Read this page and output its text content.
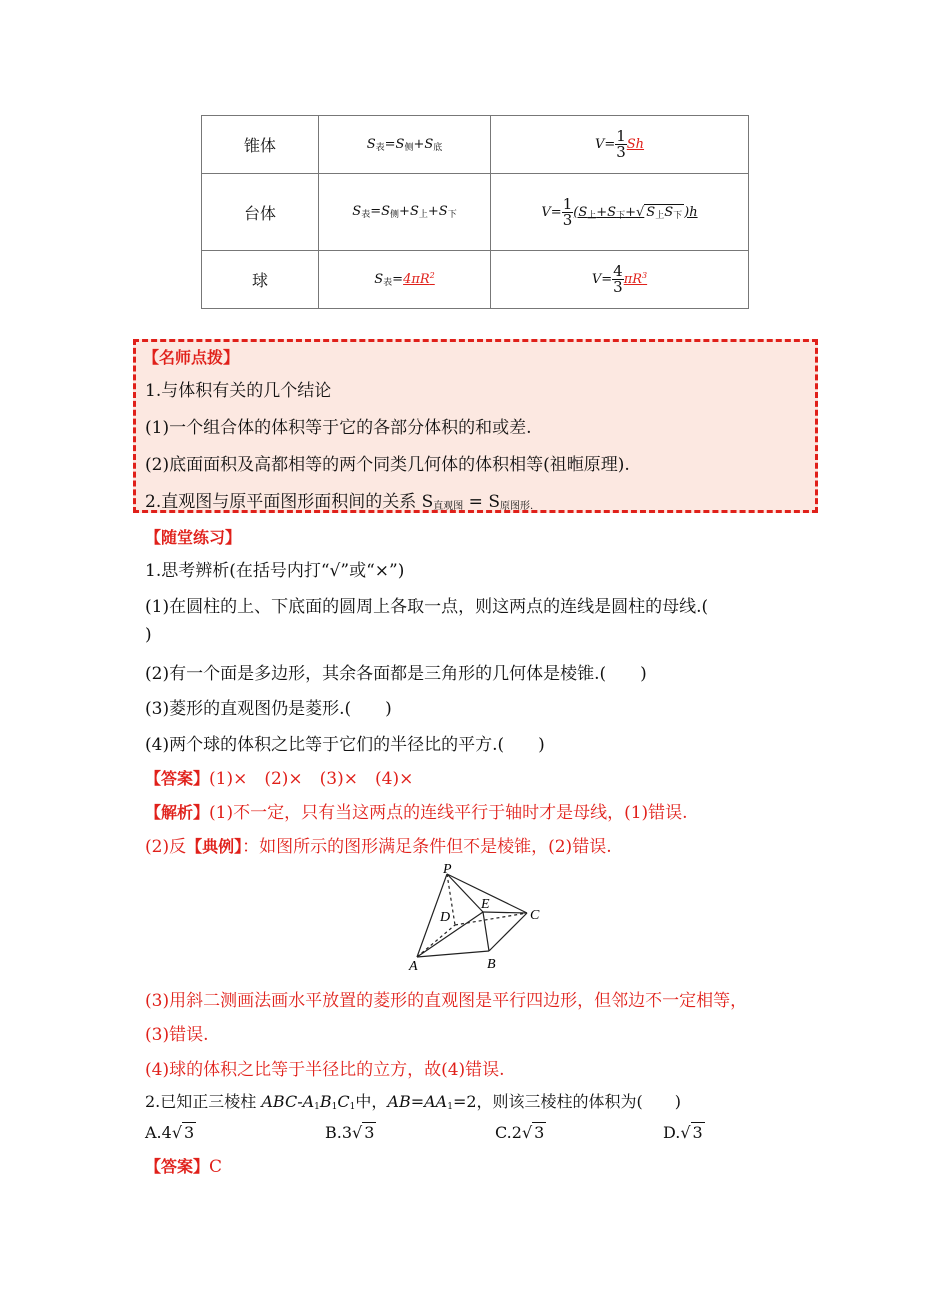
锥体	$S_表=S_侧+S_底$	$V= \frac{1}{3}$ Sh
台体	$S_表=S_侧+S_上+S_下$	$V= \frac{1}{3} (S_上+S_下+√$ $S_上S_下$ )h
球	$S_表=4\pi R^2$	$V= \frac{4}{3} \pi R^3$
【名师点拨】
1.与体积有关的几个结论
(1)一个组合体的体积等于它的各部分体积的和或差.
(2)底面面积及高都相等的两个同类几何体的体积相等(祖暅原理).
2.直观图与原平面图形面积间的关系 $S_{直观图} = S_{原图形.}$
【随堂练习】
1.思考辨析(在括号内打“√”或“×”)
(1)在圆柱的上、下底面的圆周上各取一点，则这两点的连线是圆柱的母线.(
)
(2)有一个面是多边形，其余各面都是三角形的几何体是棱锥.(　　)
(3)菱形的直观图仍是菱形.(　　)
(4)两个球的体积之比等于它们的半径比的平方.(　　)
【答案】(1)×　(2)×　(3)×　(4)×
【解析】(1)不一定，只有当这两点的连线平行于轴时才是母线，(1)错误.
(2)反【典例】：如图所示的图形满足条件但不是棱锥，(2)错误.
P
E
D	C
A	B
(3)用斜二测画法画水平放置的菱形的直观图是平行四边形，但邻边不一定相等，
(3)错误.
(4)球的体积之比等于半径比的立方，故(4)错误.
2.已知正三棱柱 ABC-$A_1B_1C_1$中，$AB=AA_1=2$，则该三棱柱的体积为(　　)
A.4√ 3	B.3√ 3	C.2√ 3	D.√ 3
【答案】C
